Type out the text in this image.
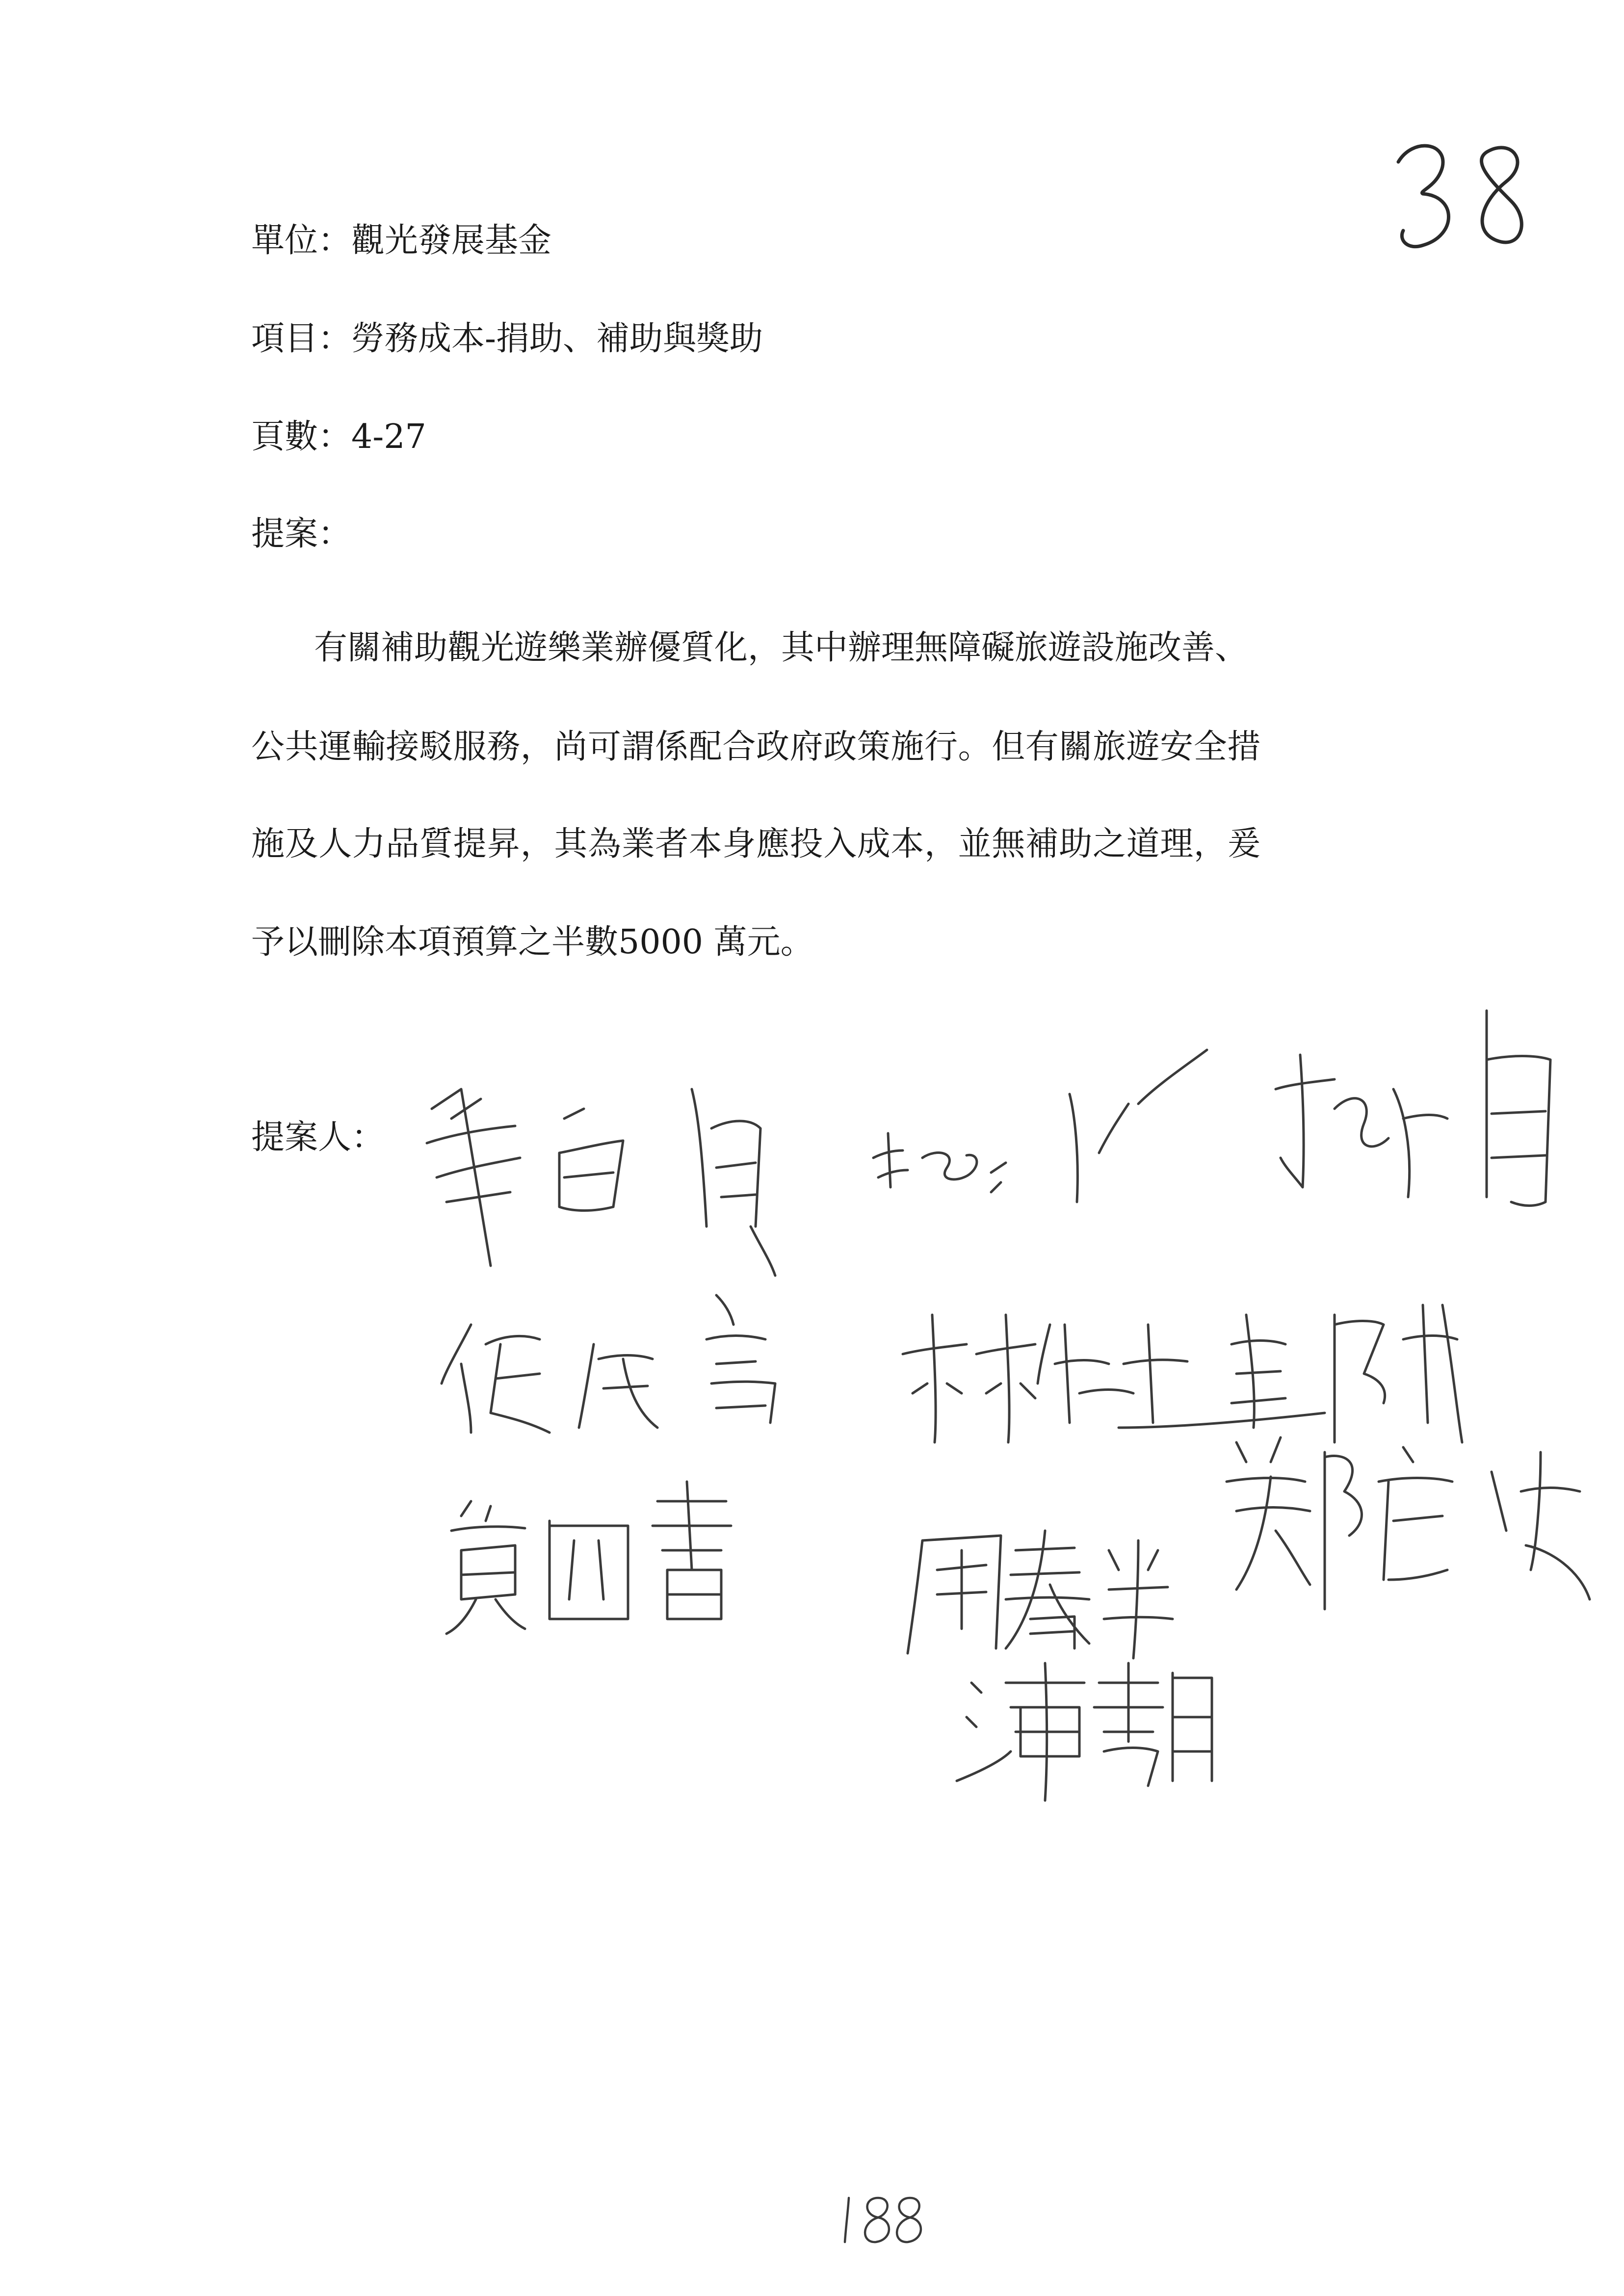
單位：觀光發展基金
項目：勞務成本-捐助、補助與獎助
頁數：4-27
提案：
有關補助觀光遊樂業辦優質化，其中辦理無障礙旅遊設施改善、
公共運輸接駁服務，尚可謂係配合政府政策施行。但有關旅遊安全措
施及人力品質提昇，其為業者本身應投入成本，並無補助之道理，爰
予以刪除本項預算之半數5000 萬元。
提案人：
